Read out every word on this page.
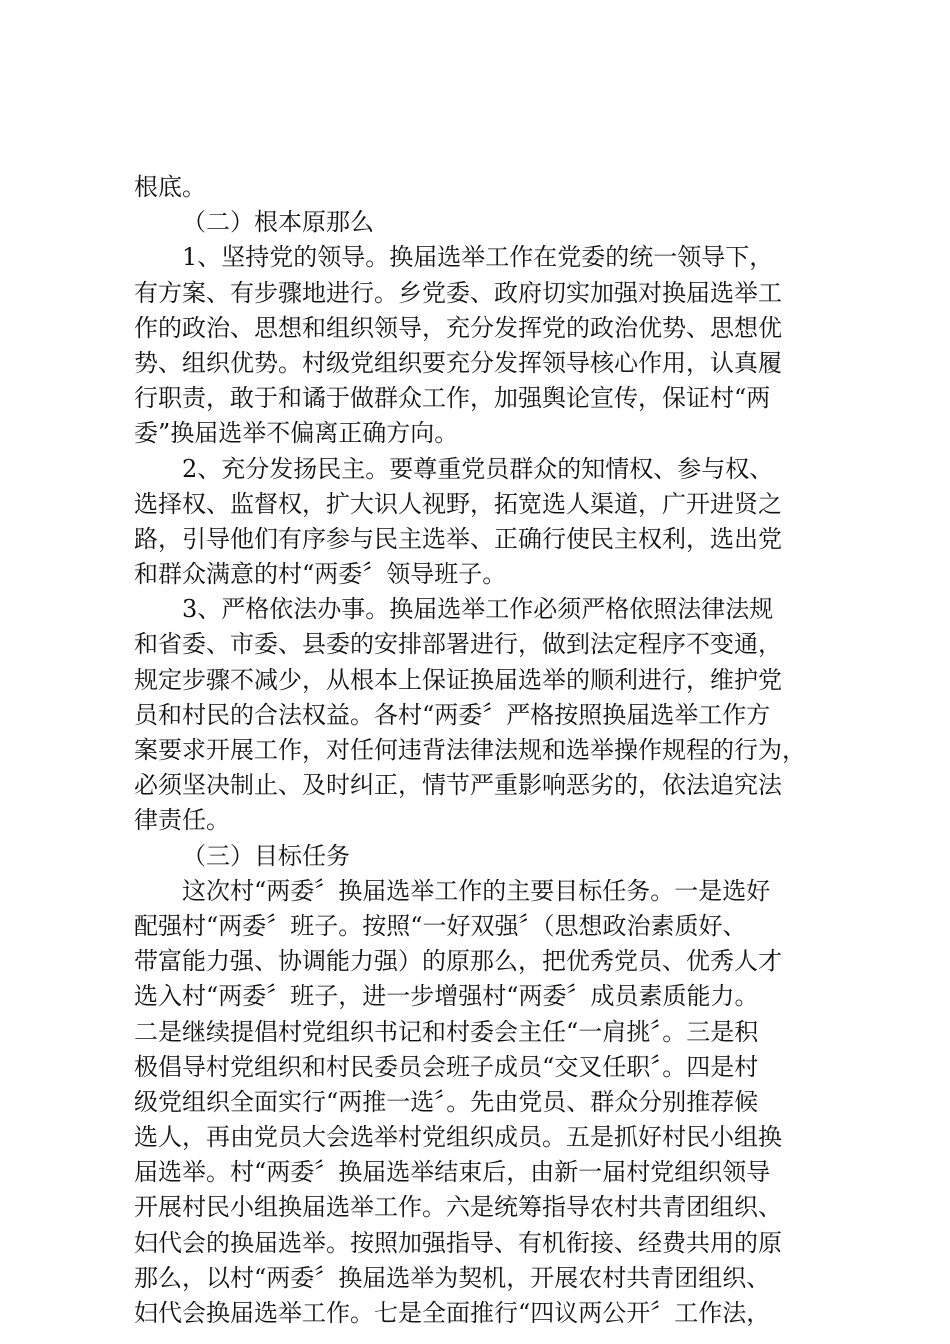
根底。
（二）根本原那么
1、坚持党的领导。换届选举工作在党委的统一领导下，
有方案、有步骤地进行。乡党委、政府切实加强对换届选举工
作的政治、思想和组织领导，充分发挥党的政治优势、思想优
势、组织优势。村级党组织要充分发挥领导核心作用，认真履
行职责，敢于和谲于做群众工作，加强舆论宣传，保证村“两
委”换届选举不偏离正确方向。
2、充分发扬民主。要尊重党员群众的知情权、参与权、
选择权、监督权，扩大识人视野，拓宽选人渠道，广开进贤之
路，引导他们有序参与民主选举、正确行使民主权利，选出党
和群众满意的村“两委〞领导班子。
3、严格依法办事。换届选举工作必须严格依照法律法规
和省委、市委、县委的安排部署进行，做到法定程序不变通，
规定步骤不减少，从根本上保证换届选举的顺利进行，维护党
员和村民的合法权益。各村“两委〞严格按照换届选举工作方
案要求开展工作，对任何违背法律法规和选举操作规程的行为，
必须坚决制止、及时纠正，情节严重影响恶劣的，依法追究法
律责任。
（三）目标任务
这次村“两委〞换届选举工作的主要目标任务。一是选好
配强村“两委〞班子。按照“一好双强〞（思想政治素质好、
带富能力强、协调能力强）的原那么，把优秀党员、优秀人才
选入村“两委〞班子，进一步增强村“两委〞成员素质能力。
二是继续提倡村党组织书记和村委会主任“一肩挑〞。三是积
极倡导村党组织和村民委员会班子成员“交叉任职〞。四是村
级党组织全面实行“两推一选〞。先由党员、群众分别推荐候
选人，再由党员大会选举村党组织成员。五是抓好村民小组换
届选举。村“两委〞换届选举结束后，由新一届村党组织领导
开展村民小组换届选举工作。六是统筹指导农村共青团组织、
妇代会的换届选举。按照加强指导、有机衔接、经费共用的原
那么，以村“两委〞换届选举为契机，开展农村共青团组织、
妇代会换届选举工作。七是全面推行“四议两公开〞工作法，
